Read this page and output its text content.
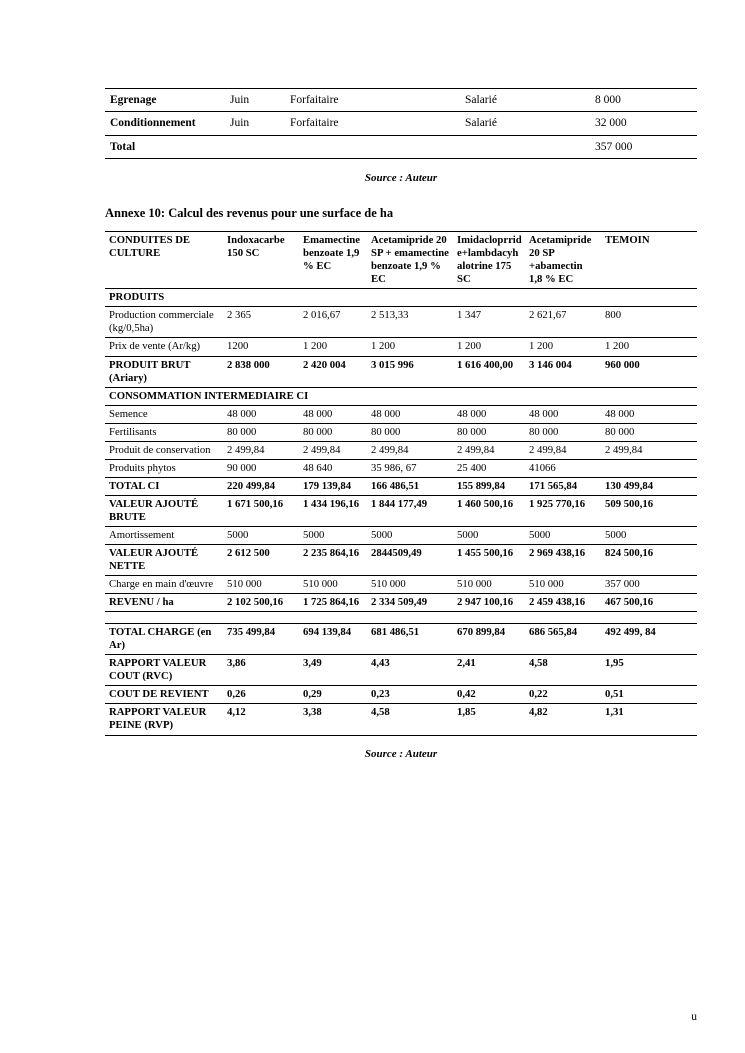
Egrenage	Juin	Forfaitaire	Salarié	8 000
Conditionnement	Juin	Forfaitaire	Salarié	32 000
Total				357 000
Source : Auteur
Annexe 10: Calcul des revenus pour une surface de ha
CONDUITES DE CULTURE	Indoxacarbe 150 SC	Emamectine benzoate 1,9 % EC	Acetamipride 20 SP + emamectine benzoate 1,9 % EC	Imidacloprride+lambdacyhalotrine 175 SC	Acetamipride 20 SP +abamectin 1,8 % EC	TEMOIN
PRODUITS						
Production commerciale (kg/0,5ha)	2 365	2 016,67	2 513,33	1 347	2 621,67	800
Prix de vente (Ar/kg)	1200	1 200	1 200	1 200	1 200	1 200
PRODUIT BRUT (Ariary)	2 838 000	2 420 004	3 015 996	1 616 400,00	3 146 004	960 000
CONSOMMATION INTERMEDIAIRE CI						
Semence	48 000	48 000	48 000	48 000	48 000	48 000
Fertilisants	80 000	80 000	80 000	80 000	80 000	80 000
Produit de conservation	2 499,84	2 499,84	2 499,84	2 499,84	2 499,84	2 499,84
Produits phytos	90 000	48 640	35 986, 67	25 400	41066	
TOTAL CI	220 499,84	179 139,84	166 486,51	155 899,84	171 565,84	130 499,84
VALEUR AJOUTÉ BRUTE	1 671 500,16	1 434 196,16	1 844 177,49	1 460 500,16	1 925 770,16	509 500,16
Amortissement	5000	5000	5000	5000	5000	5000
VALEUR AJOUTÉ NETTE	2 612 500	2 235 864,16	2844509,49	1 455 500,16	2 969 438,16	824 500,16
Charge en main d'œuvre	510 000	510 000	510 000	510 000	510 000	357 000
REVENU / ha	2 102 500,16	1 725 864,16	2 334 509,49	2 947 100,16	2 459 438,16	467 500,16

TOTAL CHARGE (en Ar)	735 499,84	694 139,84	681 486,51	670 899,84	686 565,84	492 499, 84
RAPPORT VALEUR COUT (RVC)	3,86	3,49	4,43	2,41	4,58	1,95
COUT DE REVIENT	0,26	0,29	0,23	0,42	0,22	0,51
RAPPORT VALEUR PEINE (RVP)	4,12	3,38	4,58	1,85	4,82	1,31
Source : Auteur
u
